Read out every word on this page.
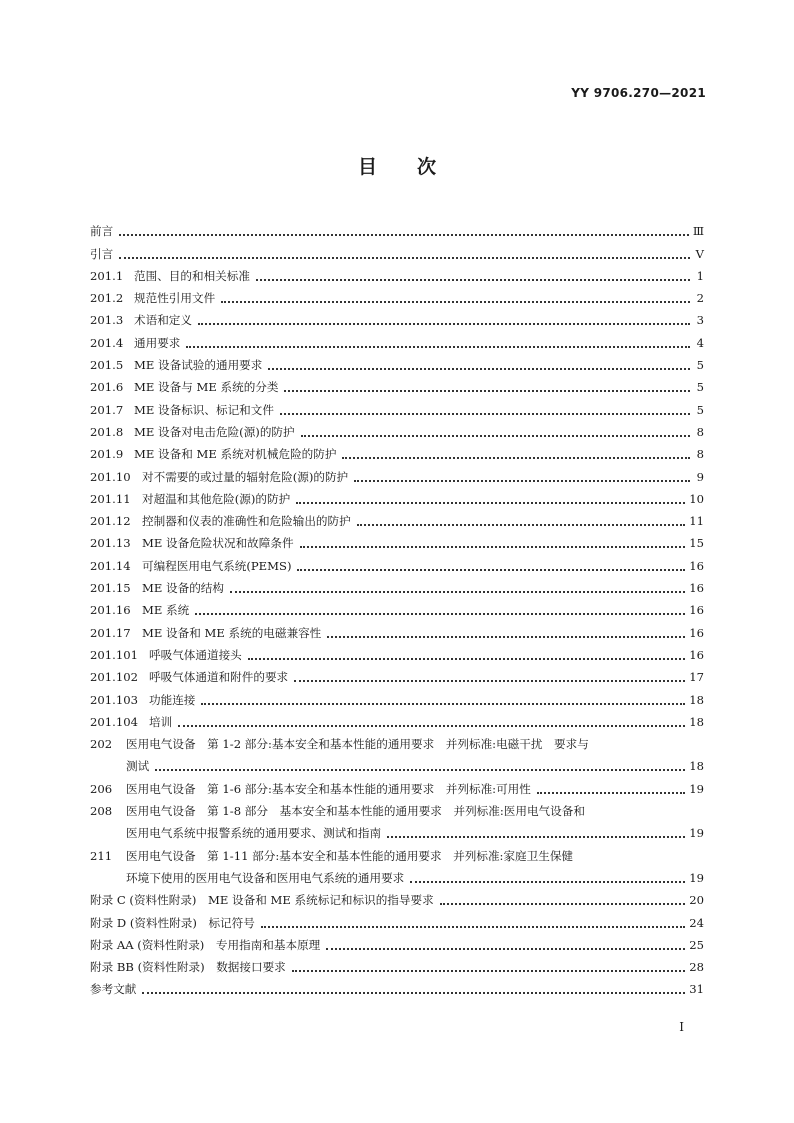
YY 9706.270—2021
目 次
前言	Ⅲ
引言	Ⅴ
201.1 范围、目的和相关标准	1
201.2 规范性引用文件	2
201.3 术语和定义	3
201.4 通用要求	4
201.5 ME 设备试验的通用要求	5
201.6 ME 设备与 ME 系统的分类	5
201.7 ME 设备标识、标记和文件	5
201.8 ME 设备对电击危险(源)的防护	8
201.9 ME 设备和 ME 系统对机械危险的防护	8
201.10 对不需要的或过量的辐射危险(源)的防护	9
201.11 对超温和其他危险(源)的防护	10
201.12 控制器和仪表的准确性和危险输出的防护	11
201.13 ME 设备危险状况和故障条件	15
201.14 可编程医用电气系统(PEMS)	16
201.15 ME 设备的结构	16
201.16 ME 系统	16
201.17 ME 设备和 ME 系统的电磁兼容性	16
201.101 呼吸气体通道接头	16
201.102 呼吸气体通道和附件的要求	17
201.103 功能连接	18
201.104 培训	18
202	医用电气设备　第 1-2 部分:基本安全和基本性能的通用要求　并列标准:电磁干扰　要求与
测试	18
206	医用电气设备　第 1-6 部分:基本安全和基本性能的通用要求　并列标准:可用性	19
208	医用电气设备　第 1-8 部分　基本安全和基本性能的通用要求　并列标准:医用电气设备和
医用电气系统中报警系统的通用要求、测试和指南	19
211	医用电气设备　第 1-11 部分:基本安全和基本性能的通用要求　并列标准:家庭卫生保健
环境下使用的医用电气设备和医用电气系统的通用要求	19
附录 C (资料性附录)　ME 设备和 ME 系统标记和标识的指导要求	20
附录 D (资料性附录)　标记符号	24
附录 AA (资料性附录)　专用指南和基本原理	25
附录 BB (资料性附录)　数据接口要求	28
参考文献	31
I
